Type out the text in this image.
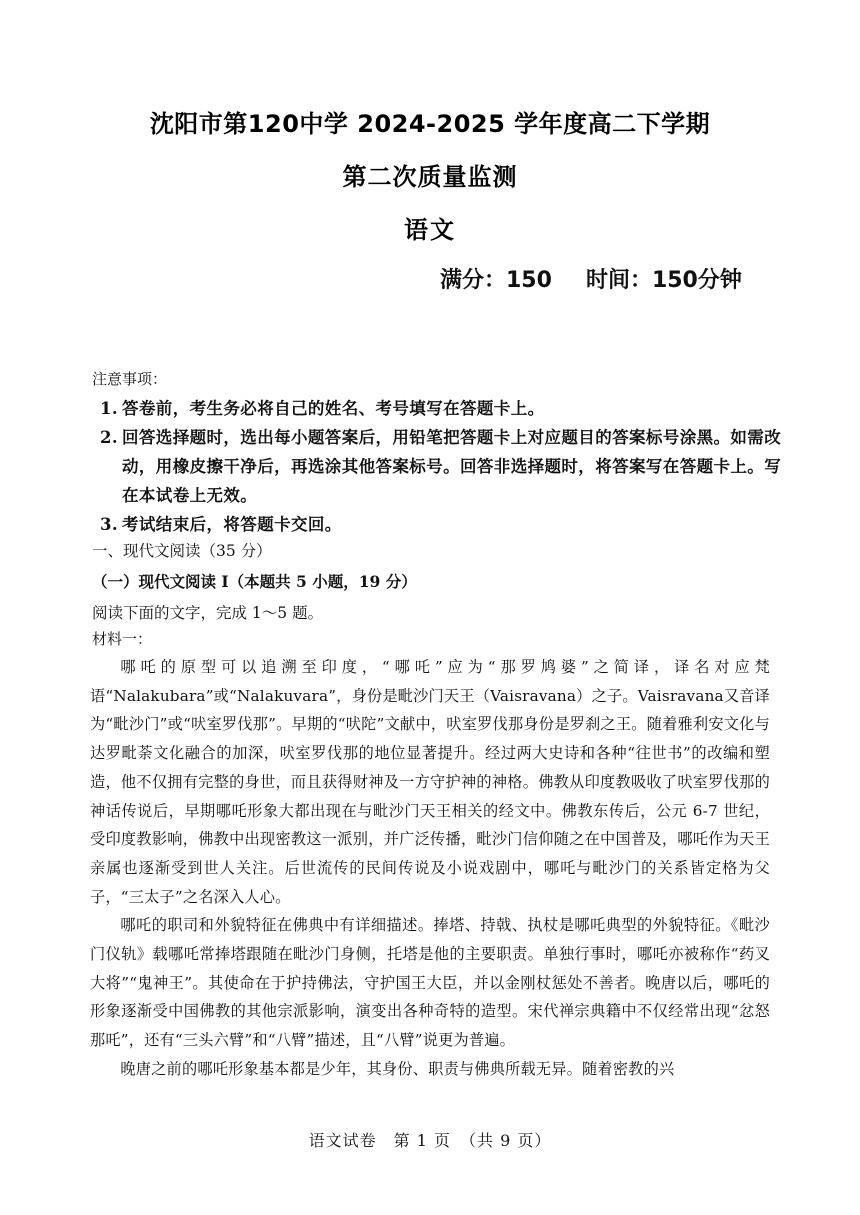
沈阳市第120中学 2024-2025 学年度高二下学期
第二次质量监测
语文
满分：150 时间：150分钟
注意事项：
1. 答卷前，考生务必将自己的姓名、考号填写在答题卡上。
2. 回答选择题时，选出每小题答案后，用铅笔把答题卡上对应题目的答案标号涂黑。如需改动，用橡皮擦干净后，再选涂其他答案标号。回答非选择题时，将答案写在答题卡上。写在本试卷上无效。
3. 考试结束后，将答题卡交回。
一、现代文阅读（35 分）
（一）现代文阅读 I（本题共 5 小题，19 分）
阅读下面的文字，完成 1～5 题。
材料一：

哪吒的原型可以追溯至印度，“哪吒”应为“那罗鸠婆”之简译，译名对应梵语“Nalakubara”或“Nalakuvara”，身份是毗沙门天王（Vaisravana）之子。Vaisravana又音译为“毗沙门”或“吠室罗伐那”。早期的“吠陀”文献中，吠室罗伐那身份是罗刹之王。随着雅利安文化与达罗毗荼文化融合的加深，吠室罗伐那的地位显著提升。经过两大史诗和各种“往世书”的改编和塑造，他不仅拥有完整的身世，而且获得财神及一方守护神的神格。佛教从印度教吸收了吠室罗伐那的神话传说后，早期哪吒形象大都出现在与毗沙门天王相关的经文中。佛教东传后，公元 6-7 世纪，受印度教影响，佛教中出现密教这一派别，并广泛传播，毗沙门信仰随之在中国普及，哪吒作为天王亲属也逐渐受到世人关注。后世流传的民间传说及小说戏剧中，哪吒与毗沙门的关系皆定格为父子，“三太子”之名深入人心。

哪吒的职司和外貌特征在佛典中有详细描述。捧塔、持戟、执杖是哪吒典型的外貌特征。《毗沙门仪轨》载哪吒常捧塔跟随在毗沙门身侧，托塔是他的主要职责。单独行事时，哪吒亦被称作“药叉大将”“鬼神王”。其使命在于护持佛法，守护国王大臣，并以金刚杖惩处不善者。晚唐以后，哪吒的形象逐渐受中国佛教的其他宗派影响，演变出各种奇特的造型。宋代禅宗典籍中不仅经常出现“忿怒那吒”，还有“三头六臂”和“八臂”描述，且“八臂”说更为普遍。

晚唐之前的哪吒形象基本都是少年，其身份、职责与佛典所载无异。随着密教的兴

语文试卷　第 1 页　（共 9 页）
